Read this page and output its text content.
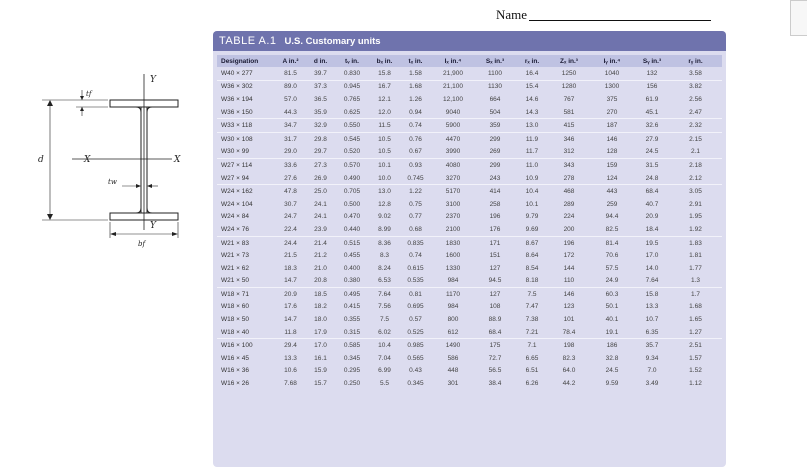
Name
Y
Y
X	X
d
tf
tw
bf
TABLE A.1 U.S. Customary units
Designation	A in.²	d in.	tᵥ in.	bₓ in.	tₓ in.	Iₓ in.⁴	Sₓ in.³	rₓ in.	Zₓ in.³	Iᵧ in.⁴	Sᵧ in.³	rᵧ in.
W40 × 277	81.5	39.7	0.830	15.8	1.58	21,900	1100	16.4	1250	1040	132	3.58
W36 × 302	89.0	37.3	0.945	16.7	1.68	21,100	1130	15.4	1280	1300	156	3.82
W36 × 194	57.0	36.5	0.765	12.1	1.26	12,100	664	14.6	767	375	61.9	2.56
W36 × 150	44.3	35.9	0.625	12.0	0.94	9040	504	14.3	581	270	45.1	2.47
W33 × 118	34.7	32.9	0.550	11.5	0.74	5900	359	13.0	415	187	32.6	2.32
W30 × 108	31.7	29.8	0.545	10.5	0.76	4470	299	11.9	346	146	27.9	2.15
W30 × 99	29.0	29.7	0.520	10.5	0.67	3990	269	11.7	312	128	24.5	2.1
W27 × 114	33.6	27.3	0.570	10.1	0.93	4080	299	11.0	343	159	31.5	2.18
W27 × 94	27.6	26.9	0.490	10.0	0.745	3270	243	10.9	278	124	24.8	2.12
W24 × 162	47.8	25.0	0.705	13.0	1.22	5170	414	10.4	468	443	68.4	3.05
W24 × 104	30.7	24.1	0.500	12.8	0.75	3100	258	10.1	289	259	40.7	2.91
W24 × 84	24.7	24.1	0.470	9.02	0.77	2370	196	9.79	224	94.4	20.9	1.95
W24 × 76	22.4	23.9	0.440	8.99	0.68	2100	176	9.69	200	82.5	18.4	1.92
W21 × 83	24.4	21.4	0.515	8.36	0.835	1830	171	8.67	196	81.4	19.5	1.83
W21 × 73	21.5	21.2	0.455	8.3	0.74	1600	151	8.64	172	70.6	17.0	1.81
W21 × 62	18.3	21.0	0.400	8.24	0.615	1330	127	8.54	144	57.5	14.0	1.77
W21 × 50	14.7	20.8	0.380	6.53	0.535	984	94.5	8.18	110	24.9	7.64	1.3
W18 × 71	20.9	18.5	0.495	7.64	0.81	1170	127	7.5	146	60.3	15.8	1.7
W18 × 60	17.6	18.2	0.415	7.56	0.695	984	108	7.47	123	50.1	13.3	1.68
W18 × 50	14.7	18.0	0.355	7.5	0.57	800	88.9	7.38	101	40.1	10.7	1.65
W18 × 40	11.8	17.9	0.315	6.02	0.525	612	68.4	7.21	78.4	19.1	6.35	1.27
W16 × 100	29.4	17.0	0.585	10.4	0.985	1490	175	7.1	198	186	35.7	2.51
W16 × 45	13.3	16.1	0.345	7.04	0.565	586	72.7	6.65	82.3	32.8	9.34	1.57
W16 × 36	10.6	15.9	0.295	6.99	0.43	448	56.5	6.51	64.0	24.5	7.0	1.52
W16 × 26	7.68	15.7	0.250	5.5	0.345	301	38.4	6.26	44.2	9.59	3.49	1.12
